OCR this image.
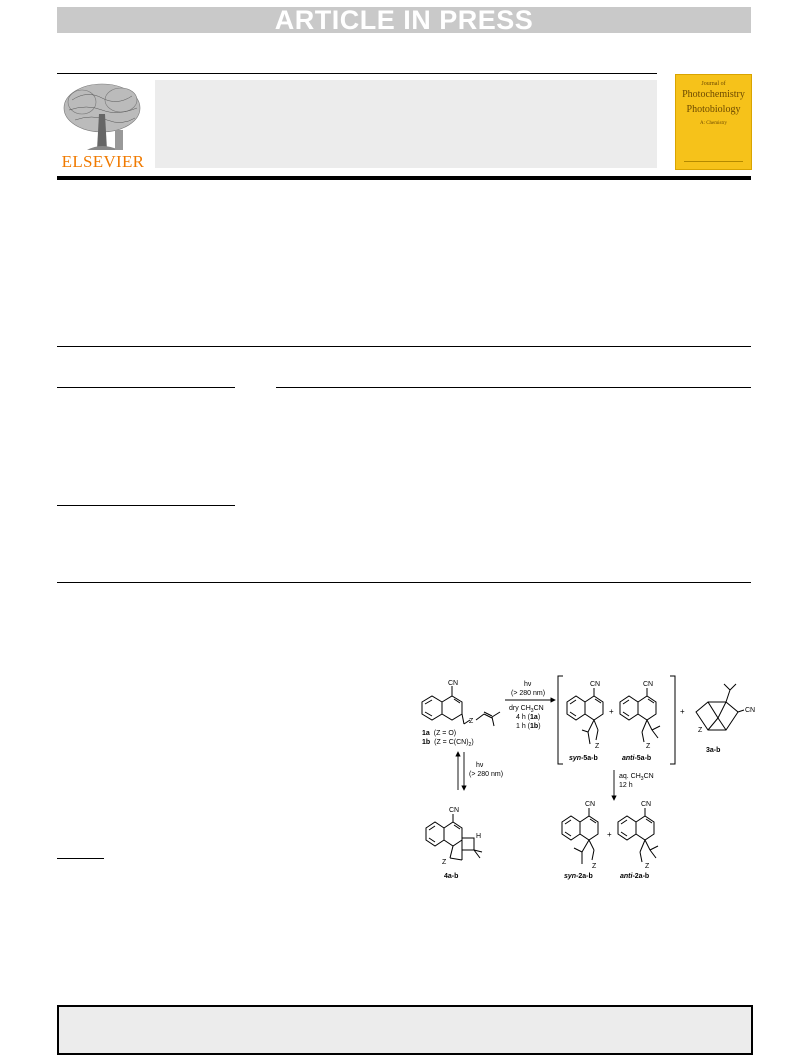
ARTICLE IN PRESS
ELSEVIER
Journal of
Photochemistry
Photobiology
A: Chemistry
CN
Z
1a (Z = O)
1b $(Z = C(CN)_2)$
hν
(> 280 nm)
dry $CH_3CN$
4 h (1a)
1 h (1b)
CN
Z
syn-5a-b
+
CN
Z
anti-5a-b
+	CN
Z
3a-b
hν
(> 280 nm)
CN
H
Z
4a-b
aq. $CH_3CN$
12 h
CN
Z
syn-2a-b
+
CN
Z
anti-2a-b
